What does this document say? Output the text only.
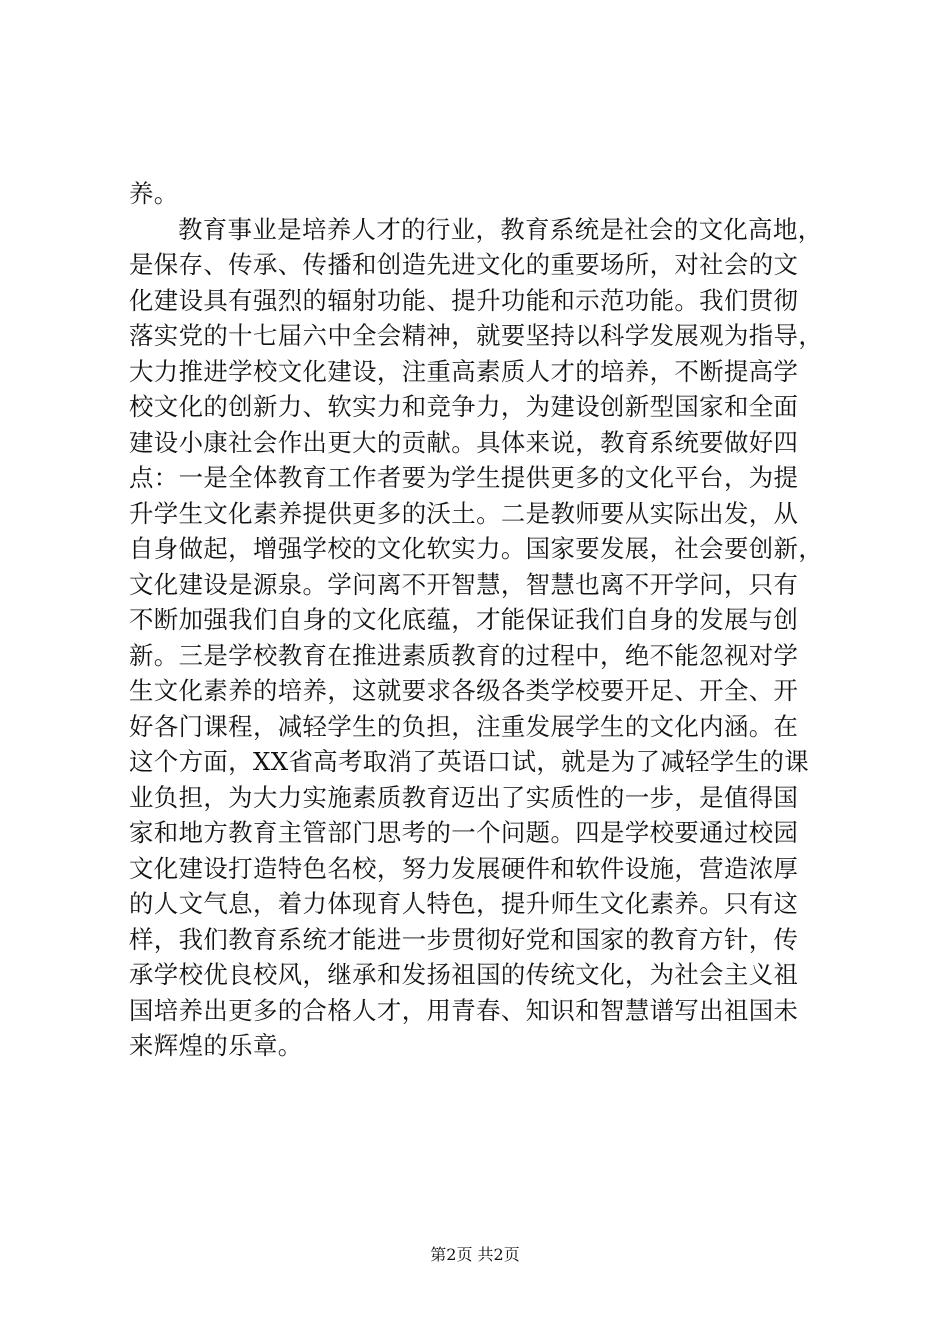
养。
教育事业是培养人才的行业，教育系统是社会的文化高地，
是保存、传承、传播和创造先进文化的重要场所，对社会的文
化建设具有强烈的辐射功能、提升功能和示范功能。我们贯彻
落实党的十七届六中全会精神，就要坚持以科学发展观为指导，
大力推进学校文化建设，注重高素质人才的培养，不断提高学
校文化的创新力、软实力和竞争力，为建设创新型国家和全面
建设小康社会作出更大的贡献。具体来说，教育系统要做好四
点：一是全体教育工作者要为学生提供更多的文化平台，为提
升学生文化素养提供更多的沃土。二是教师要从实际出发，从
自身做起，增强学校的文化软实力。国家要发展，社会要创新，
文化建设是源泉。学问离不开智慧，智慧也离不开学问，只有
不断加强我们自身的文化底蕴，才能保证我们自身的发展与创
新。三是学校教育在推进素质教育的过程中，绝不能忽视对学
生文化素养的培养，这就要求各级各类学校要开足、开全、开
好各门课程，减轻学生的负担，注重发展学生的文化内涵。在
这个方面，XX省高考取消了英语口试，就是为了减轻学生的课
业负担，为大力实施素质教育迈出了实质性的一步，是值得国
家和地方教育主管部门思考的一个问题。四是学校要通过校园
文化建设打造特色名校，努力发展硬件和软件设施，营造浓厚
的人文气息，着力体现育人特色，提升师生文化素养。只有这
样，我们教育系统才能进一步贯彻好党和国家的教育方针，传
承学校优良校风，继承和发扬祖国的传统文化，为社会主义祖
国培养出更多的合格人才，用青春、知识和智慧谱写出祖国未
来辉煌的乐章。
第2页 共2页
